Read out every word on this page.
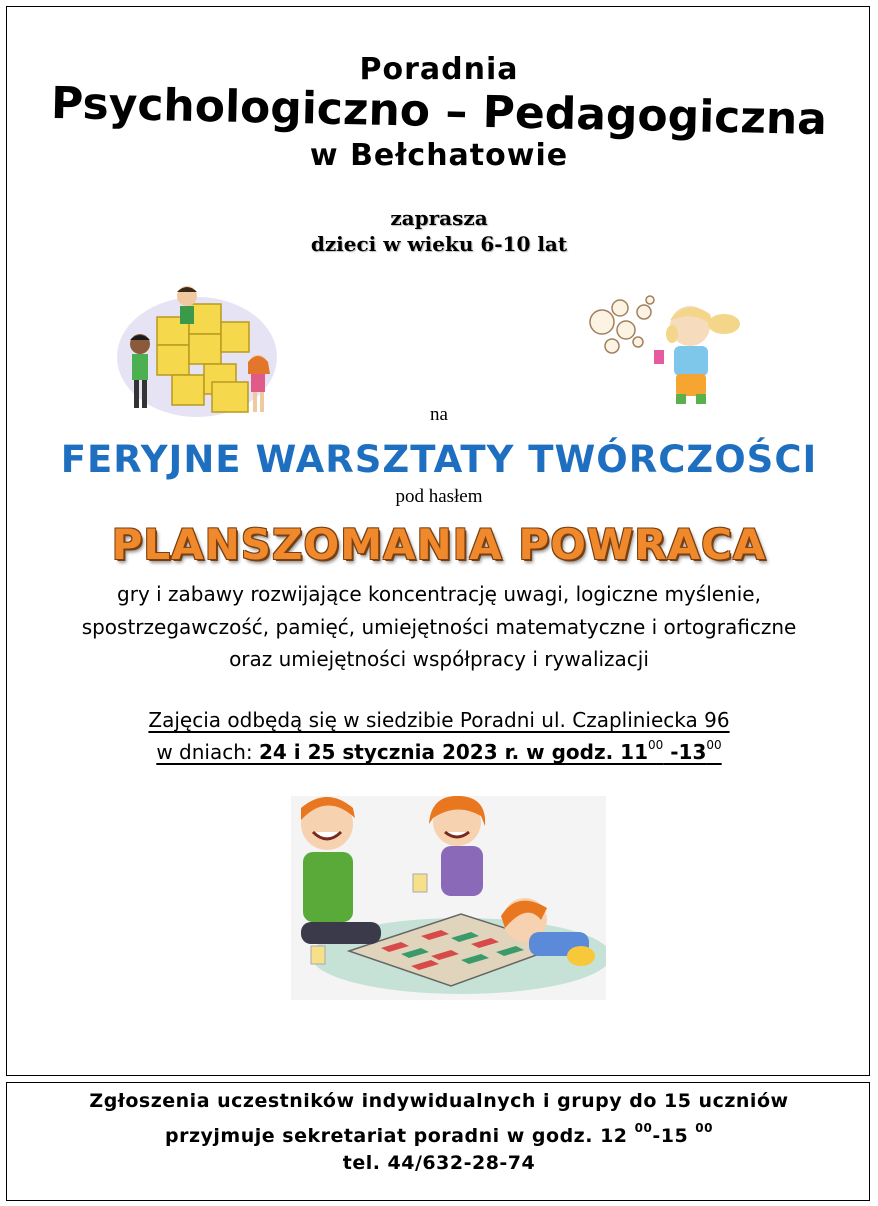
Poradnia
Psychologiczno – Pedagogiczna
w Bełchatowie
zaprasza
dzieci w wieku 6-10 lat
na
FERYJNE WARSZTATY TWÓRCZOŚCI
pod hasłem
PLANSZOMANIA POWRACA
gry i zabawy rozwijające koncentrację uwagi, logiczne myślenie,
spostrzegawczość, pamięć, umiejętności matematyczne i ortograficzne
oraz umiejętności współpracy i rywalizacji
Zajęcia odbędą się w siedzibie Poradni ul. Czapliniecka 96
w dniach: 24 i 25 stycznia 2023 r. w godz. $11^{00}$ $-13^{00}$
Zgłoszenia uczestników indywidualnych i grupy do 15 uczniów
przyjmuje sekretariat poradni w godz. 12 $^{00}$-15 $^{00}$
tel. 44/632-28-74
